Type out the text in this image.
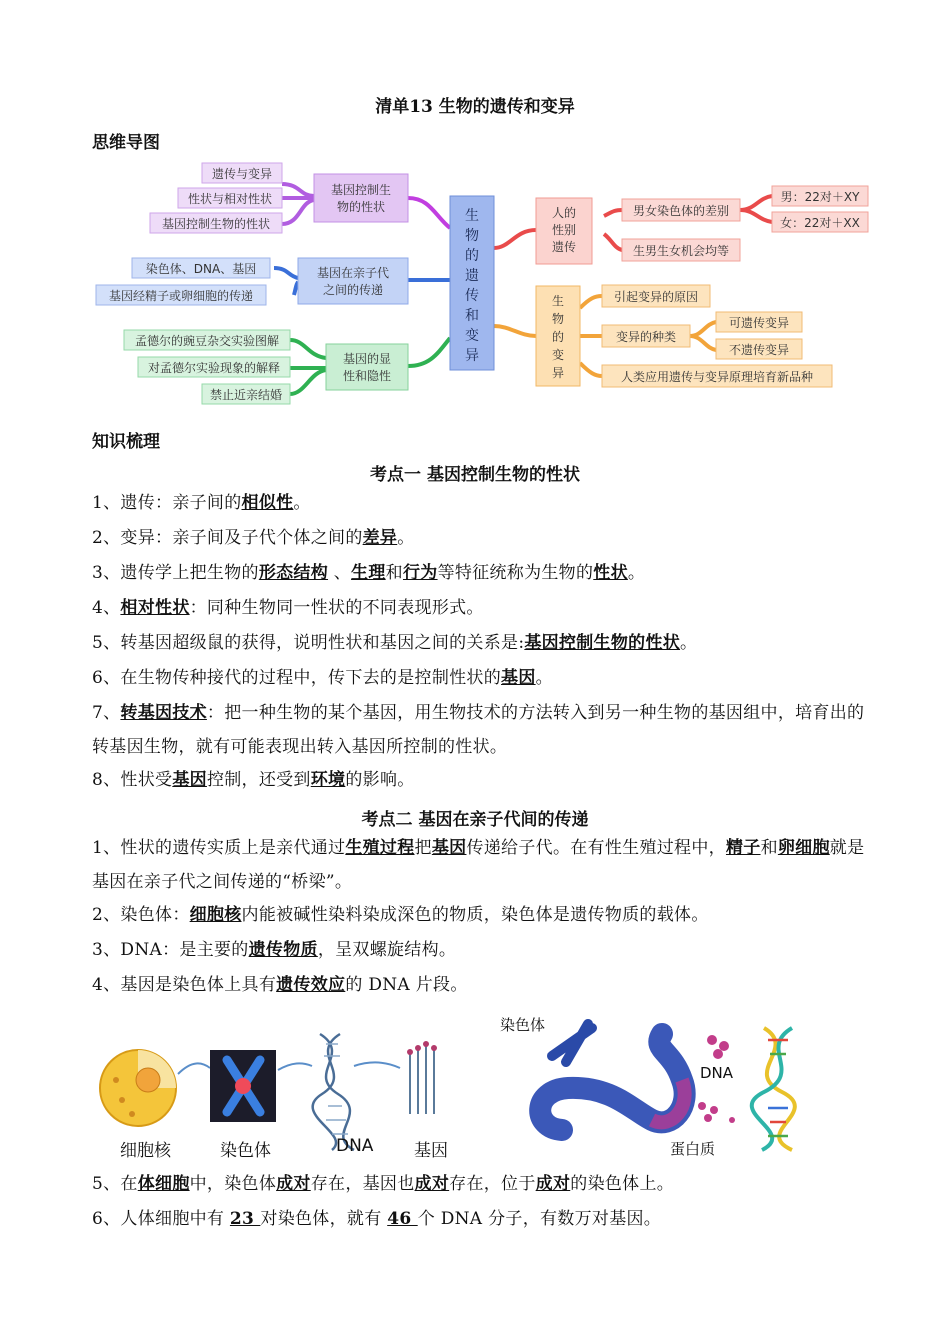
清单13 生物的遗传和变异
思维导图
生
物
的
遗
传
和
变
异
基因控制生
物的性状
遗传与变异
性状与相对性状
基因控制生物的性状
基因在亲子代
之间的传递
染色体、DNA、基因
基因经精子或卵细胞的传递
基因的显
性和隐性
孟德尔的豌豆杂交实验图解
对孟德尔实验现象的解释
禁止近亲结婚
人的
性别
遗传
男女染色体的差别
男：22对＋XY
女：22对＋XX
生男生女机会均等
生
物
的
变
异
引起变异的原因
变异的种类
可遗传变异
不遗传变异
人类应用遗传与变异原理培育新品种
知识梳理
考点一 基因控制生物的性状
1、遗传：亲子间的相似性。
2、变异：亲子间及子代个体之间的差异。
3、遗传学上把生物的形态结构 、生理和行为等特征统称为生物的性状。
4、相对性状：同种生物同一性状的不同表现形式。
5、转基因超级鼠的获得，说明性状和基因之间的关系是:基因控制生物的性状。
6、在生物传种接代的过程中，传下去的是控制性状的基因。
7、转基因技术：把一种生物的某个基因，用生物技术的方法转入到另一种生物的基因组中，培育出的转基因生物，就有可能表现出转入基因所控制的性状。
8、性状受基因控制，还受到环境的影响。
考点二 基因在亲子代间的传递
1、性状的遗传实质上是亲代通过生殖过程把基因传递给子代。在有性生殖过程中，精子和卵细胞就是基因在亲子代之间传递的“桥梁”。
2、染色体：细胞核内能被碱性染料染成深色的物质，染色体是遗传物质的载体。
3、DNA：是主要的遗传物质，呈双螺旋结构。
4、基因是染色体上具有遗传效应的 DNA 片段。
细胞核	染色体	DNA 基因
染色体
DNA
蛋白质
5、在体细胞中，染色体成对存在，基因也成对存在，位于成对的染色体上。
6、人体细胞中有 23 对染色体，就有 46 个 DNA 分子，有数万对基因。
